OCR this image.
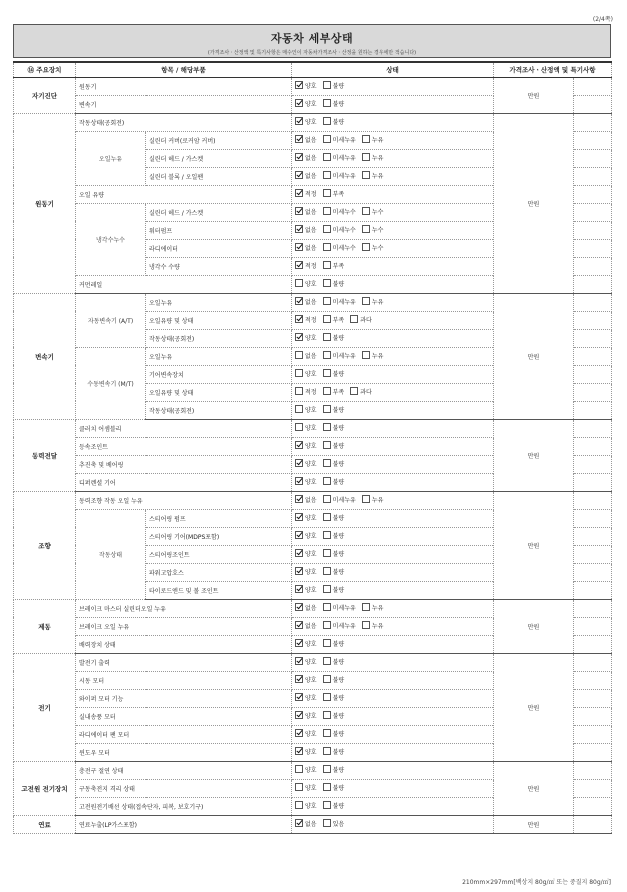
(2/4쪽)
자동차 세부상태
(가격조사ㆍ산정액 및 특기사항은 매수인이 자동차가격조사ㆍ산정을 원하는 경우에만 적습니다)
⑭ 주요장치	항목 / 해당부품		상태	가격조사ㆍ산정액 및 특기사항	
자기진단	원동기		양호 불량	만원	
	변속기		양호 불량		

원동기	작동상태(공회전)		양호 불량	만원	
	오일누유	실린더 커버(로커암 커버)	없음 미세누유 누유		

		실린더 헤드 / 가스켓	없음 미세누유 누유		

		실린더 블록 / 오일팬	없음 미세누유 누유		

	오일 유량		적정 부족		

	냉각수누수	실린더 헤드 / 가스켓	없음 미세누수 누수		

		워터펌프	없음 미세누수 누수		

		라디에이터	없음 미세누수 누수		

		냉각수 수량	적정 부족		

	커먼레일		양호 불량		

변속기	자동변속기 (A/T)	오일누유	없음 미세누유 누유	만원	
		오일유량 및 상태	적정 부족 과다		

		작동상태(공회전)	양호 불량		

	수동변속기 (M/T)	오일누유	없음 미세누유 누유		

		기어변속장치	양호 불량		

		오일유량 및 상태	적정 부족 과다		

		작동상태(공회전)	양호 불량		

동력전달	클러치 어셈블리		양호 불량	만원	
	등속조인트		양호 불량		

	추진축 및 베어링		양호 불량		

	디퍼렌셜 기어		양호 불량		

조향	동력조향 작동 오일 누유		없음 미세누유 누유	만원	
	작동상태	스티어링 펌프	양호 불량		

		스티어링 기어(MDPS포함)	양호 불량		

		스티어링조인트	양호 불량		

		파워고압호스	양호 불량		

		타이로드엔드 및 볼 조인트	양호 불량		

제동	브레이크 마스터 실린더오일 누유		없음 미세누유 누유	만원	
	브레이크 오일 누유		없음 미세누유 누유		

	배력장치 상태		양호 불량		

전기	발전기 출력		양호 불량	만원	
	시동 모터		양호 불량		

	와이퍼 모터 기능		양호 불량		

	실내송풍 모터		양호 불량		

	라디에이터 팬 모터		양호 불량		

	윈도우 모터		양호 불량		

고전원 전기장치	충전구 절연 상태		양호 불량	만원	
	구동축전지 격리 상태		양호 불량		

	고전원전기배선 상태(접속단자, 피복, 보호기구)		양호 불량		

연료	연료누출(LP가스포함)		없음 있음	만원	
210mm×297mm[백상지 80g/㎡ 또는 중질지 80g/㎡]
